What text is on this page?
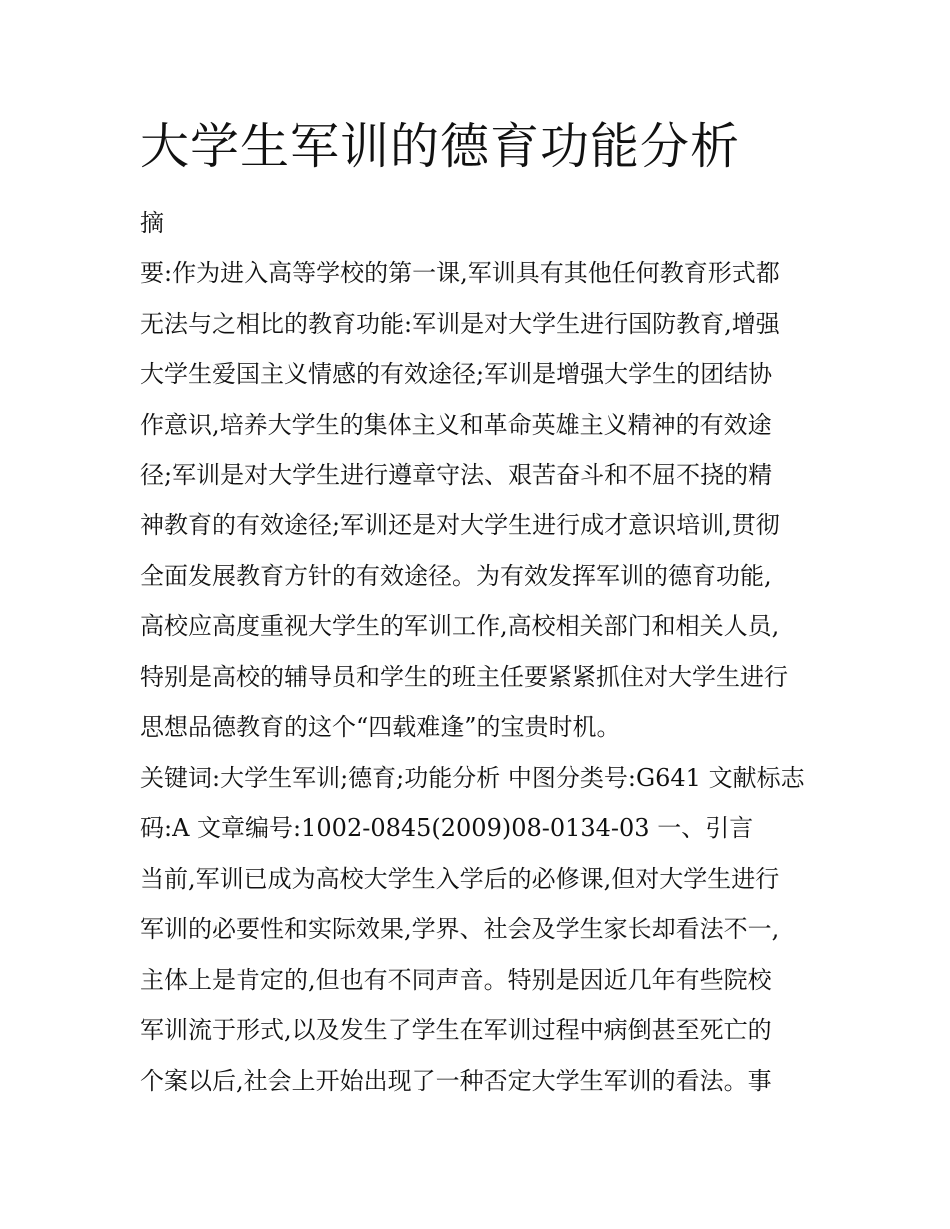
大学生军训的德育功能分析

摘

要:作为进入高等学校的第一课,军训具有其他任何教育形式都

无法与之相比的教育功能:军训是对大学生进行国防教育,增强

大学生爱国主义情感的有效途径;军训是增强大学生的团结协

作意识,培养大学生的集体主义和革命英雄主义精神的有效途

径;军训是对大学生进行遵章守法、艰苦奋斗和不屈不挠的精

神教育的有效途径;军训还是对大学生进行成才意识培训,贯彻

全面发展教育方针的有效途径。为有效发挥军训的德育功能,

高校应高度重视大学生的军训工作,高校相关部门和相关人员,

特别是高校的辅导员和学生的班主任要紧紧抓住对大学生进行

思想品德教育的这个“四载难逢”的宝贵时机。

关键词:大学生军训;德育;功能分析 中图分类号:G641 文献标志

码:A 文章编号:1002-0845(2009)08-0134-03 一、引言

当前,军训已成为高校大学生入学后的必修课,但对大学生进行

军训的必要性和实际效果,学界、社会及学生家长却看法不一,

主体上是肯定的,但也有不同声音。特别是因近几年有些院校

军训流于形式,以及发生了学生在军训过程中病倒甚至死亡的

个案以后,社会上开始出现了一种否定大学生军训的看法。事
